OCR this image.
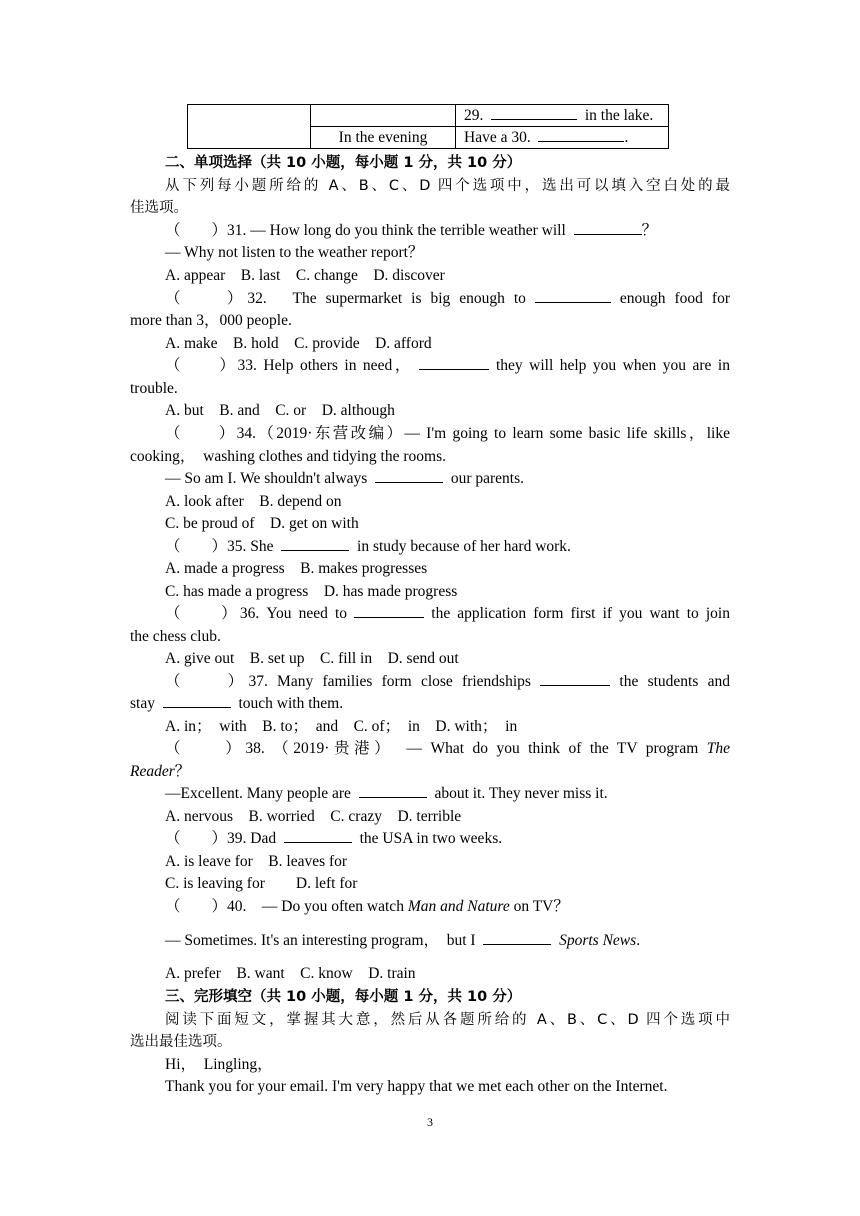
		29. in the lake.
	In the evening	Have a 30. .
二、单项选择（共 10 小题，每小题 1 分，共 10 分）
从下列每小题所给的 A、B、C、D 四个选项中，选出可以填入空白处的最
佳选项。
（　　）31. — How long do you think the terrible weather will	？
— Why not listen to the weather report？
A. appear　B. last　C. change　D. discover
（　　）32.　The supermarket is big enough to	enough food for
more than 3，000 people.
A. make　B. hold　C. provide　D. afford
（　　）33. Help others in need，	they will help you when you are in
trouble.
A. but　B. and　C. or　D. although
（　　）34.（2019·东营改编）— I'm going to learn some basic life skills，like
cooking，　washing clothes and tidying the rooms.
— So am I. We shouldn't always	our parents.
A. look after　B. depend on
C. be proud of　D. get on with
（　　）35. She	in study because of her hard work.
A. made a progress　B. makes progresses
C. has made a progress　D. has made progress
（　　）36. You need to	the application form first if you want to join
the chess club.
A. give out　B. set up　C. fill in　D. send out
（　　）37. Many families form close friendships	the students and
stay	touch with them.
A. in；　with　B. to；　and　C. of；　in　D. with；　in
（　　）38. （2019·贵港）　— What do you think of the TV program The
Reader？
—Excellent. Many people are	about it. They never miss it.
A. nervous　B. worried　C. crazy　D. terrible
（　　）39. Dad	the USA in two weeks.
A. is leave for　B. leaves for
C. is leaving for　　D. left for
（　　）40.　— Do you often watch Man and Nature on TV？
— Sometimes. It's an interesting program，　but I	Sports News.
A. prefer　B. want　C. know　D. train
三、完形填空（共 10 小题，每小题 1 分，共 10 分）
阅读下面短文，掌握其大意，然后从各题所给的 A、B、C、D 四个选项中
选出最佳选项。
Hi，　Lingling，
Thank you for your email. I'm very happy that we met each other on the Internet.
3
